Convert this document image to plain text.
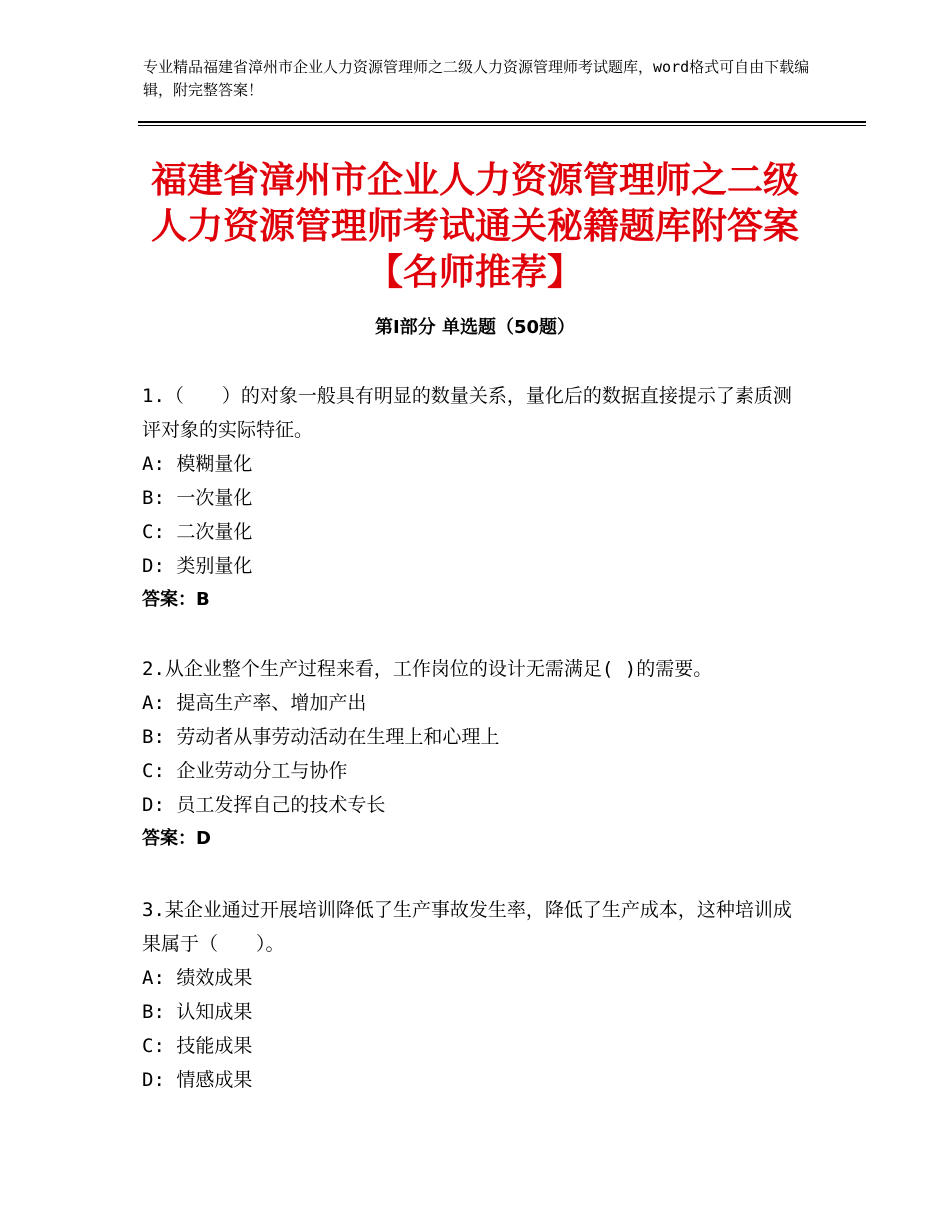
专业精品福建省漳州市企业人力资源管理师之二级人力资源管理师考试题库，word格式可自由下载编辑，附完整答案！
福建省漳州市企业人力资源管理师之二级人力资源管理师考试通关秘籍题库附答案【名师推荐】
第Ⅰ部分 单选题（50题）

1.（　　）的对象一般具有明显的数量关系，量化后的数据直接提示了素质测评对象的实际特征。

A: 模糊量化

B: 一次量化

C: 二次量化

D: 类别量化

答案：B

2.从企业整个生产过程来看，工作岗位的设计无需满足( )的需要。

A: 提高生产率、增加产出

B: 劳动者从事劳动活动在生理上和心理上

C: 企业劳动分工与协作

D: 员工发挥自己的技术专长

答案：D

3.某企业通过开展培训降低了生产事故发生率，降低了生产成本，这种培训成果属于（　　）。

A: 绩效成果

B: 认知成果

C: 技能成果

D: 情感成果
